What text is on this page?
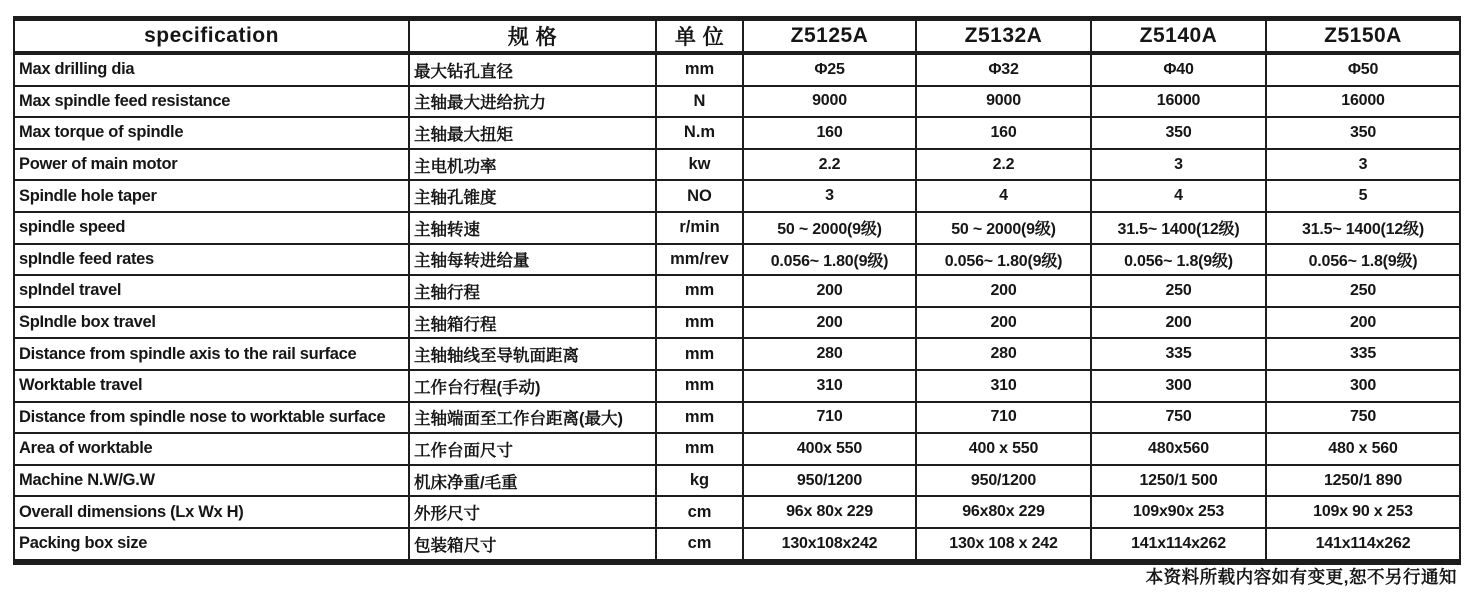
specification	规 格	单 位	Z5125A	Z5132A	Z5140A	Z5150A
Max drilling dia	最大钻孔直径	mm	Φ25	Φ32	Φ40	Φ50
Max spindle feed resistance	主轴最大进给抗力	N	9000	9000	16000	16000
Max torque of spindle	主轴最大扭矩	N.m	160	160	350	350
Power of main motor	主电机功率	kw	2.2	2.2	3	3
Spindle hole taper	主轴孔锥度	NO	3	4	4	5
spindle speed	主轴转速	r/min	50 ~ 2000(9级)	50 ~ 2000(9级)	31.5~ 1400(12级)	31.5~ 1400(12级)
spIndle feed rates	主轴每转进给量	mm/rev	0.056~ 1.80(9级)	0.056~ 1.80(9级)	0.056~ 1.8(9级)	0.056~ 1.8(9级)
spIndel travel	主轴行程	mm	200	200	250	250
SpIndle box travel	主轴箱行程	mm	200	200	200	200
Distance from spindle axis to the rail surface	主轴轴线至导轨面距离	mm	280	280	335	335
Worktable travel	工作台行程(手动)	mm	310	310	300	300
Distance from spindle nose to worktable surface	主轴端面至工作台距离(最大)	mm	710	710	750	750
Area of worktable	工作台面尺寸	mm	400x 550	400 x 550	480x560	480 x 560
Machine N.W/G.W	机床净重/毛重	kg	950/1200	950/1200	1250/1 500	1250/1 890
Overall dimensions (Lx Wx H)	外形尺寸	cm	96x 80x 229	96x80x 229	109x90x 253	109x 90 x 253
Packing box size	包装箱尺寸	cm	130x108x242	130x 108 x 242	141x114x262	141x114x262
本资料所载内容如有变更,恕不另行通知
